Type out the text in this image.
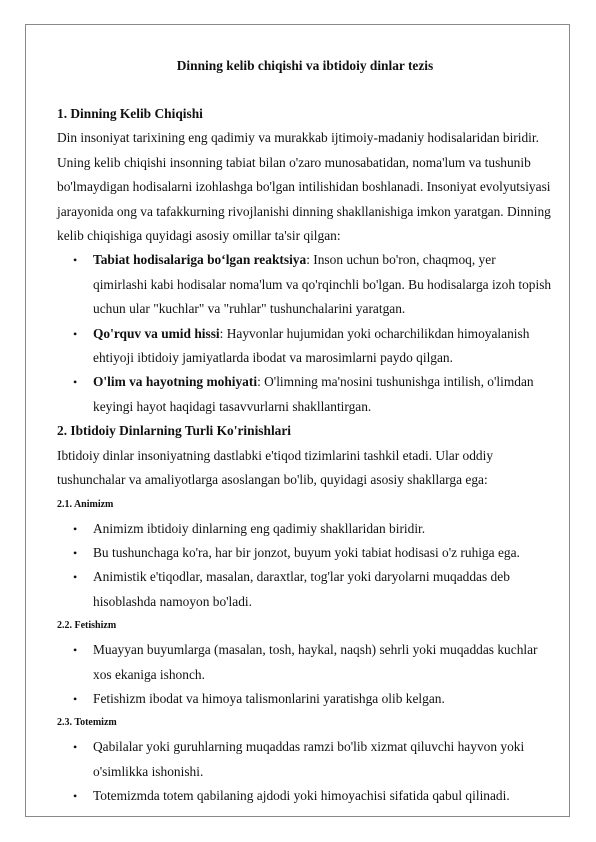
Dinning kelib chiqishi va ibtidoiy dinlar tezis
1. Dinning Kelib Chiqishi

Din insoniyat tarixining eng qadimiy va murakkab ijtimoiy-madaniy hodisalaridan biridir. Uning kelib chiqishi insonning tabiat bilan o'zaro munosabatidan, noma'lum va tushunib bo'lmaydigan hodisalarni izohlashga bo'lgan intilishidan boshlanadi. Insoniyat evolyutsiyasi jarayonida ong va tafakkurning rivojlanishi dinning shakllanishiga imkon yaratgan. Dinning kelib chiqishiga quyidagi asosiy omillar ta'sir qilgan:

• Tabiat hodisalariga bo‘lgan reaktsiya: Inson uchun bo'ron, chaqmoq, yer qimirlashi kabi hodisalar noma'lum va qo'rqinchli bo'lgan. Bu hodisalarga izoh topish uchun ular "kuchlar" va "ruhlar" tushunchalarini yaratgan.
• Qo'rquv va umid hissi: Hayvonlar hujumidan yoki ocharchilikdan himoyalanish ehtiyoji ibtidoiy jamiyatlarda ibodat va marosimlarni paydo qilgan.
• O'lim va hayotning mohiyati: O'limning ma'nosini tushunishga intilish, o'limdan keyingi hayot haqidagi tasavvurlarni shakllantirgan.
2. Ibtidoiy Dinlarning Turli Ko'rinishlari

Ibtidoiy dinlar insoniyatning dastlabki e'tiqod tizimlarini tashkil etadi. Ular oddiy tushunchalar va amaliyotlarga asoslangan bo'lib, quyidagi asosiy shakllarga ega:

2.1. Animizm
• Animizm ibtidoiy dinlarning eng qadimiy shakllaridan biridir.
• Bu tushunchaga ko'ra, har bir jonzot, buyum yoki tabiat hodisasi o'z ruhiga ega.
• Animistik e'tiqodlar, masalan, daraxtlar, tog'lar yoki daryolarni muqaddas deb hisoblashda namoyon bo'ladi.
2.2. Fetishizm
• Muayyan buyumlarga (masalan, tosh, haykal, naqsh) sehrli yoki muqaddas kuchlar xos ekaniga ishonch.
• Fetishizm ibodat va himoya talismonlarini yaratishga olib kelgan.
2.3. Totemizm
• Qabilalar yoki guruhlarning muqaddas ramzi bo'lib xizmat qiluvchi hayvon yoki o'simlikka ishonishi.
• Totemizmda totem qabilaning ajdodi yoki himoyachisi sifatida qabul qilinadi.
